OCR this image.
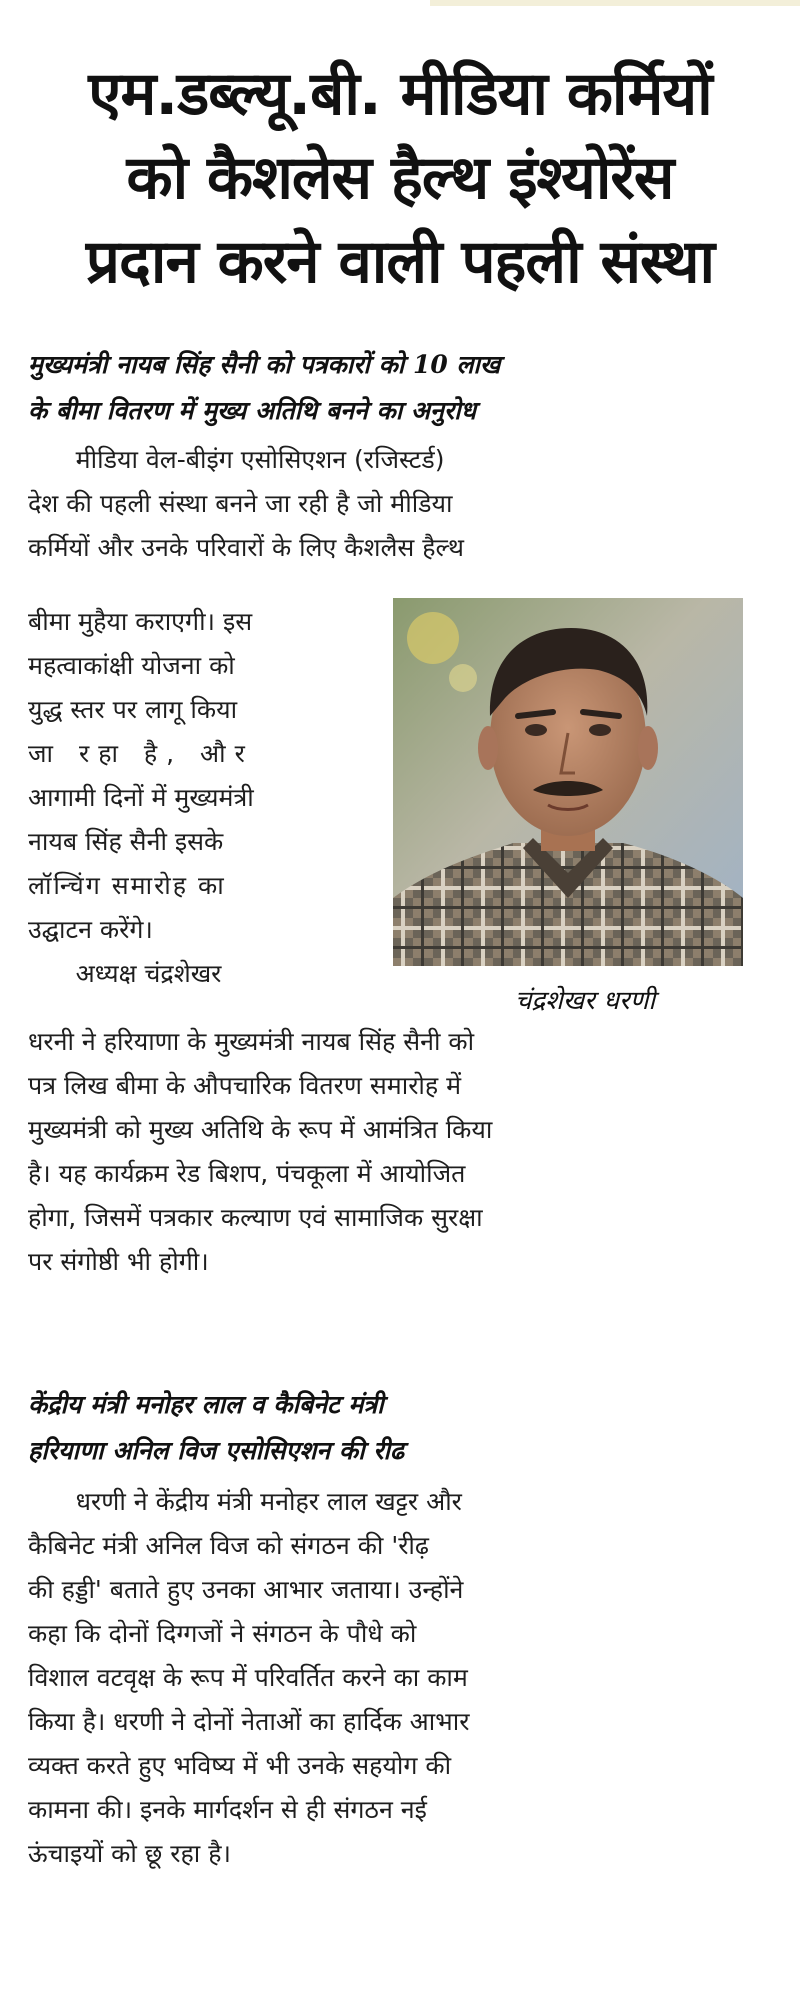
एम.डब्ल्यू.बी. मीडिया कर्मियों
को कैशलेस हैल्थ इंश्योरेंस
प्रदान करने वाली पहली संस्था
मुख्यमंत्री नायब सिंह सैनी को पत्रकारों को 10 लाख
के बीमा वितरण में मुख्य अतिथि बनने का अनुरोध
मीडिया वेल-बीइंग एसोसिएशन (रजिस्टर्ड)
देश की पहली संस्था बनने जा रही है जो मीडिया
कर्मियों और उनके परिवारों के लिए कैशलैस हैल्थ
बीमा मुहैया कराएगी। इस
महत्वाकांक्षी योजना को
युद्ध स्तर पर लागू किया
जा रहा है, और
आगामी दिनों में मुख्यमंत्री
नायब सिंह सैनी इसके
लॉन्चिंग समारोह का
उद्घाटन करेंगे।
अध्यक्ष चंद्रशेखर
चंद्रशेखर धरणी
धरनी ने हरियाणा के मुख्यमंत्री नायब सिंह सैनी को
पत्र लिख बीमा के औपचारिक वितरण समारोह में
मुख्यमंत्री को मुख्य अतिथि के रूप में आमंत्रित किया
है। यह कार्यक्रम रेड बिशप, पंचकूला में आयोजित
होगा, जिसमें पत्रकार कल्याण एवं सामाजिक सुरक्षा
पर संगोष्ठी भी होगी।
केंद्रीय मंत्री मनोहर लाल व कैबिनेट मंत्री
हरियाणा अनिल विज एसोसिएशन की रीढ
धरणी ने केंद्रीय मंत्री मनोहर लाल खट्टर और
कैबिनेट मंत्री अनिल विज को संगठन की 'रीढ़
की हड्डी' बताते हुए उनका आभार जताया। उन्होंने
कहा कि दोनों दिग्गजों ने संगठन के पौधे को
विशाल वटवृक्ष के रूप में परिवर्तित करने का काम
किया है। धरणी ने दोनों नेताओं का हार्दिक आभार
व्यक्त करते हुए भविष्य में भी उनके सहयोग की
कामना की। इनके मार्गदर्शन से ही संगठन नई
ऊंचाइयों को छू रहा है।
